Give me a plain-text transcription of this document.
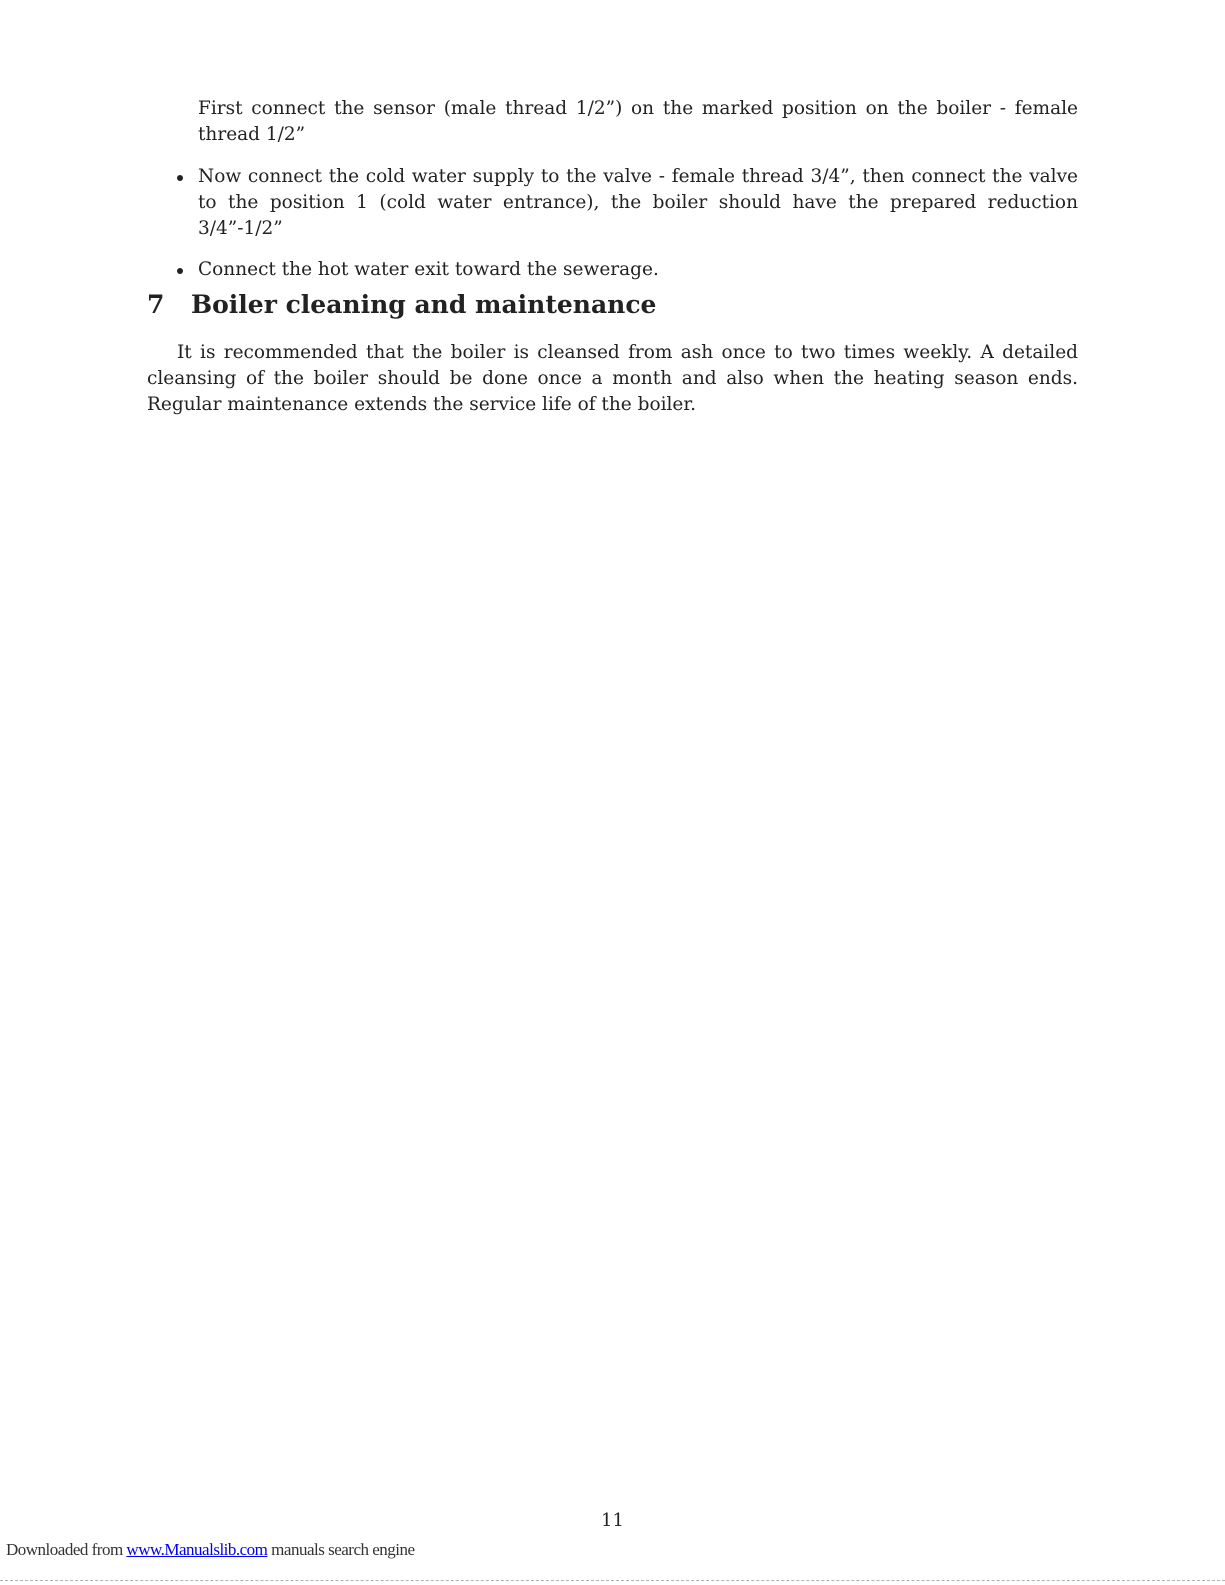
First connect the sensor (male thread 1/2”) on the marked position on the boiler - female thread 1/2”
Now connect the cold water supply to the valve - female thread 3/4”, then connect the valve to the position 1 (cold water entrance), the boiler should have the prepared reduction 3/4”-1/2”
Connect the hot water exit toward the sewerage.
7 Boiler cleaning and maintenance

It is recommended that the boiler is cleansed from ash once to two times weekly. A detailed cleansing of the boiler should be done once a month and also when the heating season ends. Regular maintenance extends the service life of the boiler.

11
Downloaded from www.Manualslib.com manuals search engine
